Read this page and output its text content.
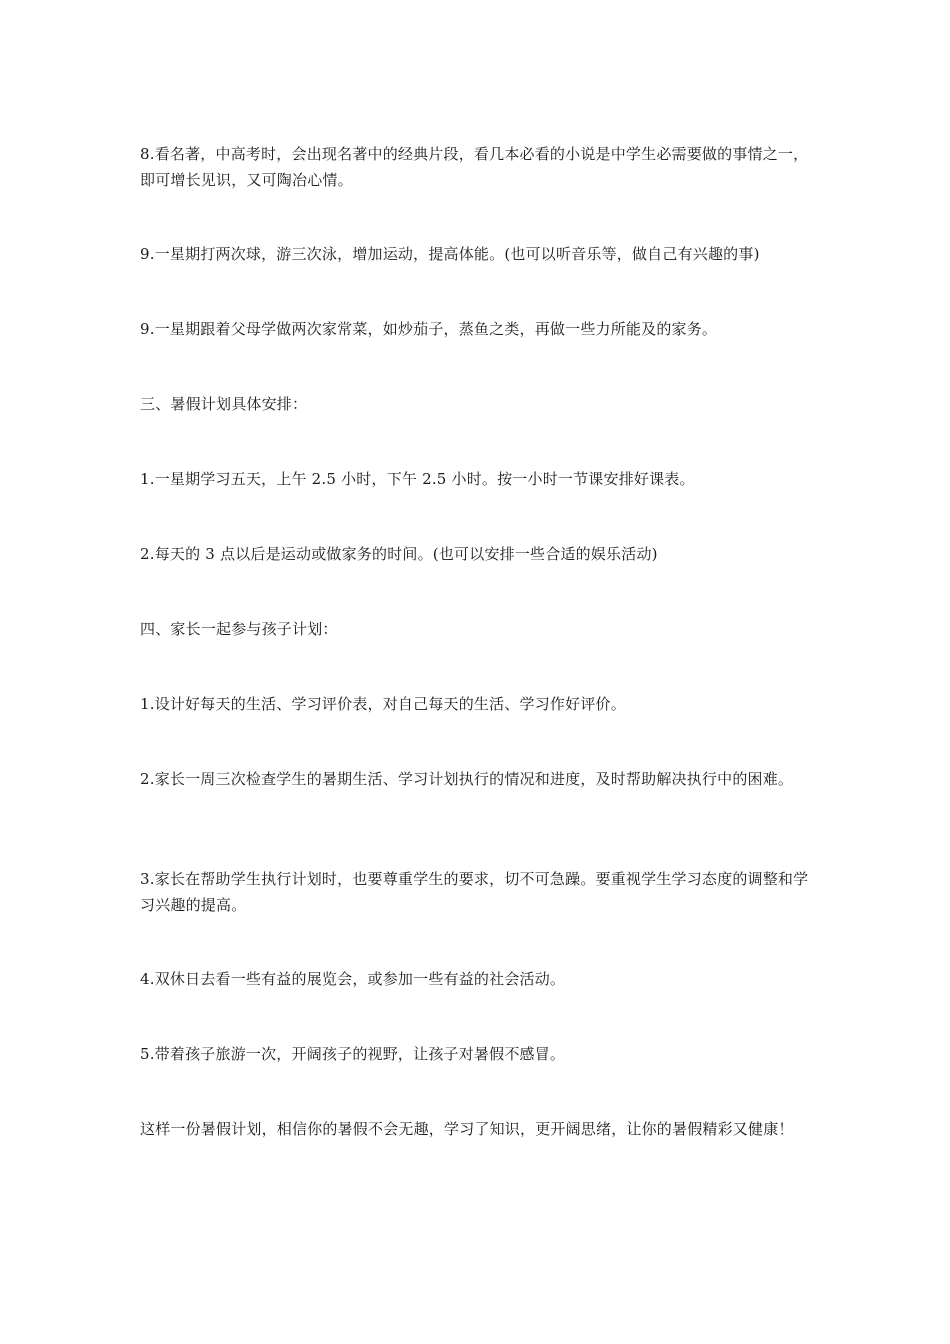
8.看名著，中高考时，会出现名著中的经典片段，看几本必看的小说是中学生必需要做的事情之一，即可增长见识，又可陶冶心情。

9.一星期打两次球，游三次泳，增加运动，提高体能。(也可以听音乐等，做自己有兴趣的事)

9.一星期跟着父母学做两次家常菜，如炒茄子，蒸鱼之类，再做一些力所能及的家务。

三、暑假计划具体安排：

1.一星期学习五天，上午 2.5 小时，下午 2.5 小时。按一小时一节课安排好课表。

2.每天的 3 点以后是运动或做家务的时间。(也可以安排一些合适的娱乐活动)

四、家长一起参与孩子计划：

1.设计好每天的生活、学习评价表，对自己每天的生活、学习作好评价。

2.家长一周三次检查学生的暑期生活、学习计划执行的情况和进度，及时帮助解决执行中的困难。

3.家长在帮助学生执行计划时，也要尊重学生的要求，切不可急躁。要重视学生学习态度的调整和学习兴趣的提高。

4.双休日去看一些有益的展览会，或参加一些有益的社会活动。

5.带着孩子旅游一次，开阔孩子的视野，让孩子对暑假不感冒。

这样一份暑假计划，相信你的暑假不会无趣，学习了知识，更开阔思绪，让你的暑假精彩又健康！
